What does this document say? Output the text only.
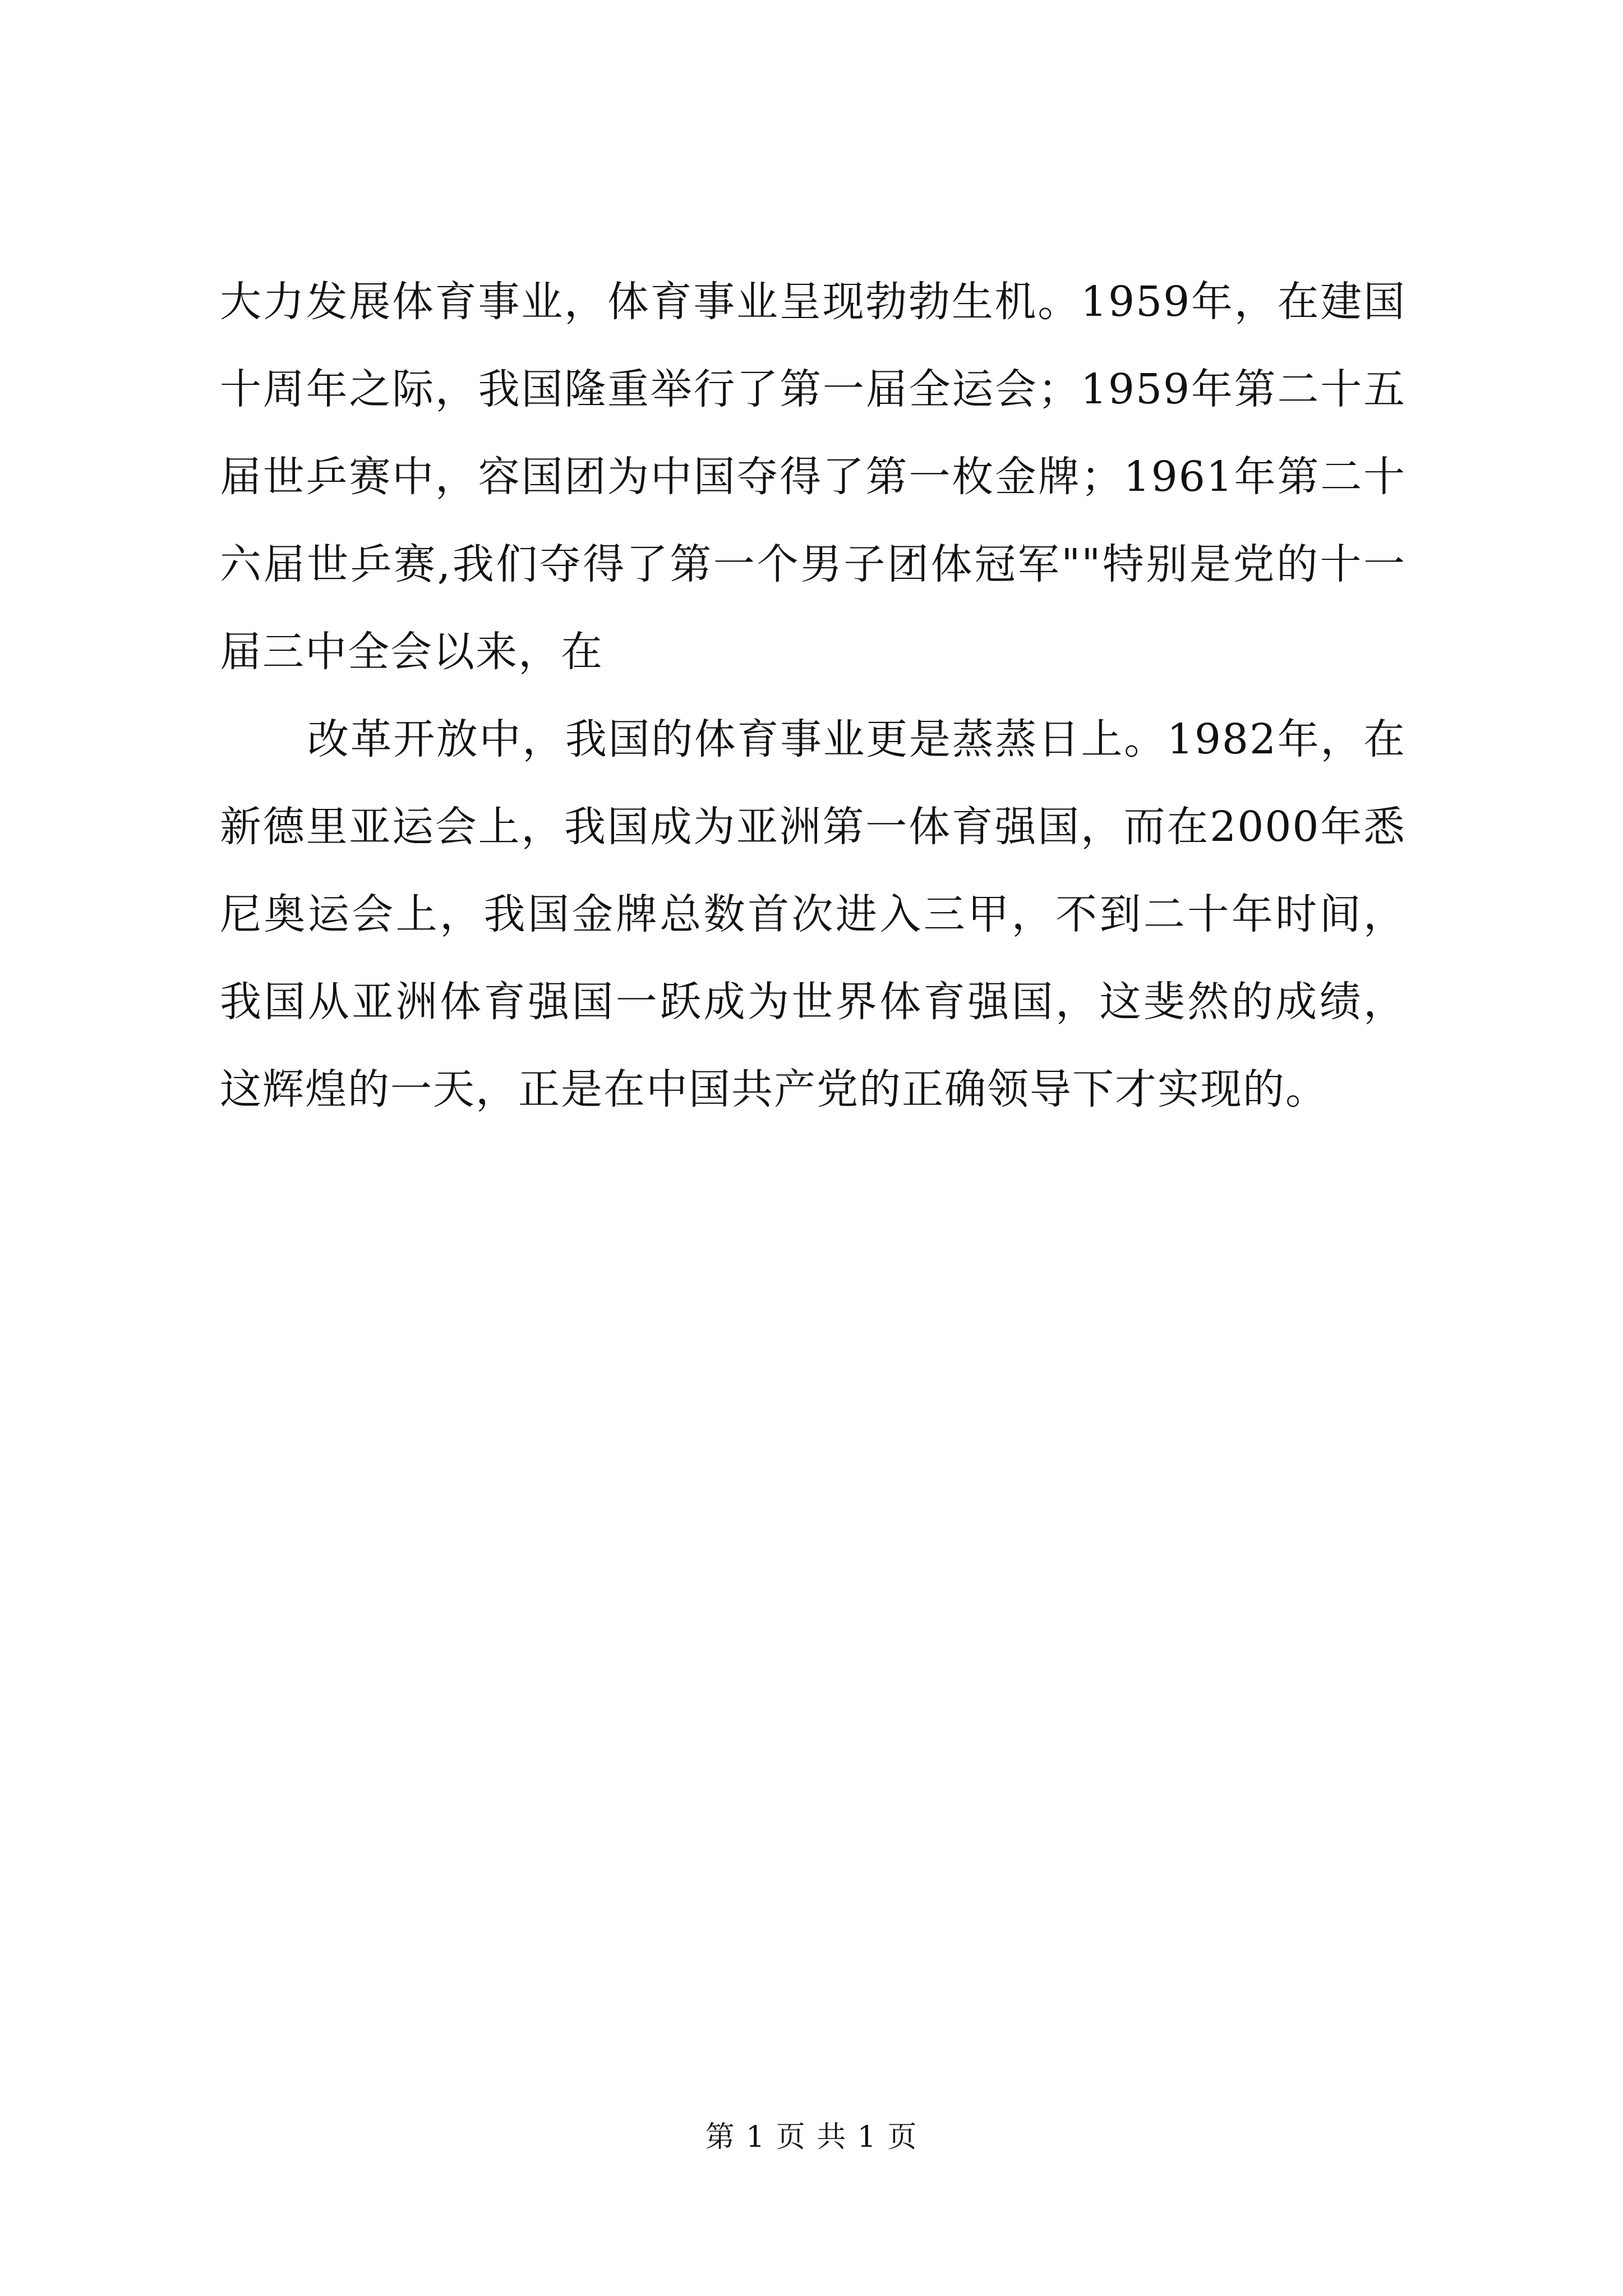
大力发展体育事业，体育事业呈现勃勃生机。1959年，在建国十周年之际，我国隆重举行了第一届全运会；1959年第二十五届世乒赛中，容国团为中国夺得了第一枚金牌；1961年第二十六届世乒赛,我们夺得了第一个男子团体冠军""特别是党的十一届三中全会以来，在

改革开放中，我国的体育事业更是蒸蒸日上。1982年，在新德里亚运会上，我国成为亚洲第一体育强国，而在2000年悉尼奥运会上，我国金牌总数首次进入三甲，不到二十年时间，我国从亚洲体育强国一跃成为世界体育强国，这斐然的成绩，这辉煌的一天，正是在中国共产党的正确领导下才实现的。

第 1 页 共 1 页
